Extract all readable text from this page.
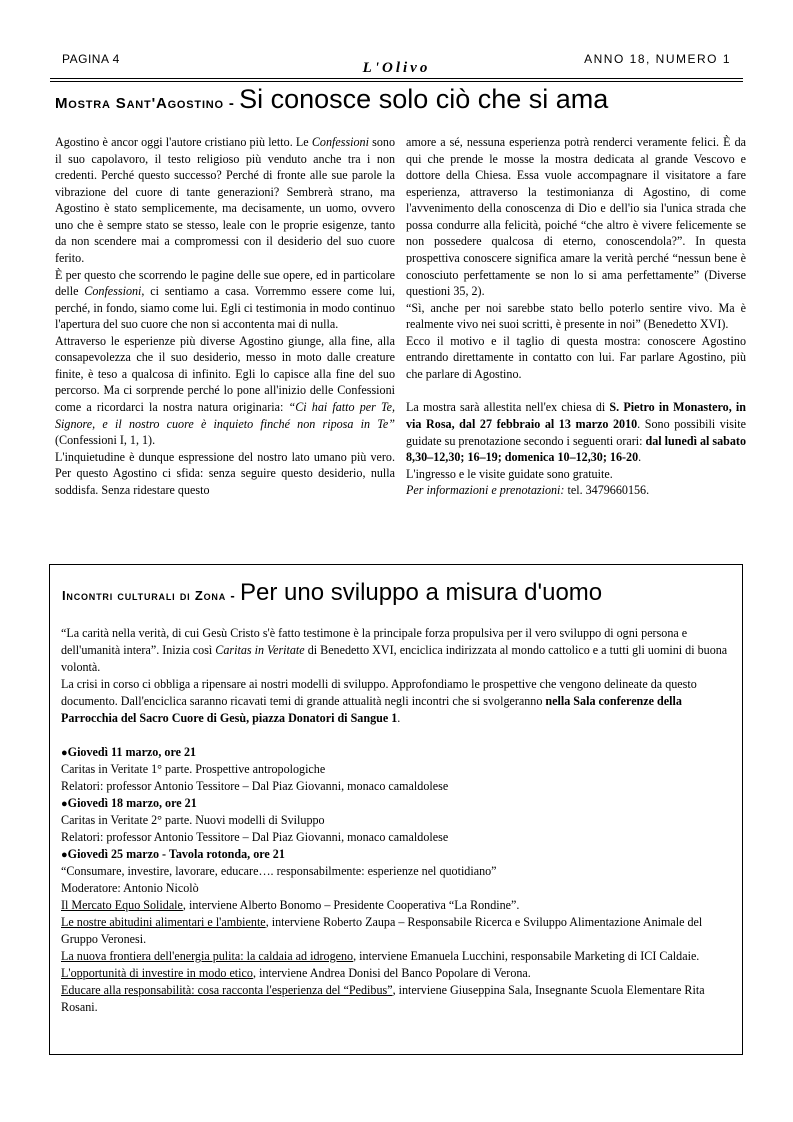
PAGINA 4
L'Olivo
ANNO 18, NUMERO 1
Mostra Sant'Agostino - Si conosce solo ciò che si ama

Agostino è ancor oggi l'autore cristiano più letto. Le Confessioni sono il suo capolavoro, il testo religioso più venduto anche tra i non credenti. Perché questo successo? Perché di fronte alle sue parole la vibrazione del cuore di tante generazioni? Sembrerà strano, ma Agostino è stato semplicemente, ma decisamente, un uomo, ovvero uno che è sempre stato se stesso, leale con le proprie esigenze, tanto da non scendere mai a compromessi con il desiderio del suo cuore ferito.

È per questo che scorrendo le pagine delle sue opere, ed in particolare delle Confessioni, ci sentiamo a casa. Vorremmo essere come lui, perché, in fondo, siamo come lui. Egli ci testimonia in modo continuo l'apertura del suo cuore che non si accontenta mai di nulla.

Attraverso le esperienze più diverse Agostino giunge, alla fine, alla consapevolezza che il suo desiderio, messo in moto dalle creature finite, è teso a qualcosa di infinito. Egli lo capisce alla fine del suo percorso. Ma ci sorprende perché lo pone all'inizio delle Confessioni come a ricordarci la nostra natura originaria: “Ci hai fatto per Te, Signore, e il nostro cuore è inquieto finché non riposa in Te” (Confessioni I, 1, 1).

L'inquietudine è dunque espressione del nostro lato umano più vero. Per questo Agostino ci sfida: senza seguire questo desiderio, nulla soddisfa. Senza ridestare questo

amore a sé, nessuna esperienza potrà renderci veramente felici. È da qui che prende le mosse la mostra dedicata al grande Vescovo e dottore della Chiesa. Essa vuole accompagnare il visitatore a fare esperienza, attraverso la testimonianza di Agostino, di come l'avvenimento della conoscenza di Dio e dell'io sia l'unica strada che possa condurre alla felicità, poiché “che altro è vivere felicemente se non possedere qualcosa di eterno, conoscendola?”. In questa prospettiva conoscere significa amare la verità perché “nessun bene è conosciuto perfettamente se non lo si ama perfettamente” (Diverse questioni 35, 2).

“Sì, anche per noi sarebbe stato bello poterlo sentire vivo. Ma è realmente vivo nei suoi scritti, è presente in noi” (Benedetto XVI).

Ecco il motivo e il taglio di questa mostra: conoscere Agostino entrando direttamente in contatto con lui. Far parlare Agostino, più che parlare di Agostino.

La mostra sarà allestita nell'ex chiesa di S. Pietro in Monastero, in via Rosa, dal 27 febbraio al 13 marzo 2010. Sono possibili visite guidate su prenotazione secondo i seguenti orari: dal lunedì al sabato 8,30–12,30; 16–19; domenica 10–12,30; 16-20.

L'ingresso e le visite guidate sono gratuite.

Per informazioni e prenotazioni: tel. 3479660156.

Incontri culturali di Zona - Per uno sviluppo a misura d'uomo

“La carità nella verità, di cui Gesù Cristo s'è fatto testimone è la principale forza propulsiva per il vero sviluppo di ogni persona e dell'umanità intera”. Inizia così Caritas in Veritate di Benedetto XVI, enciclica indirizzata al mondo cattolico e a tutti gli uomini di buona volontà.

La crisi in corso ci obbliga a ripensare ai nostri modelli di sviluppo. Approfondiamo le prospettive che vengono delineate da questo documento. Dall'enciclica saranno ricavati temi di grande attualità negli incontri che si svolgeranno nella Sala conferenze della Parrocchia del Sacro Cuore di Gesù, piazza Donatori di Sangue 1.

●Giovedì 11 marzo, ore 21

Caritas in Veritate 1° parte. Prospettive antropologiche

Relatori: professor Antonio Tessitore – Dal Piaz Giovanni, monaco camaldolese

●Giovedì 18 marzo, ore 21

Caritas in Veritate 2° parte. Nuovi modelli di Sviluppo

Relatori: professor Antonio Tessitore – Dal Piaz Giovanni, monaco camaldolese

●Giovedì 25 marzo - Tavola rotonda, ore 21

“Consumare, investire, lavorare, educare…. responsabilmente: esperienze nel quotidiano”

Moderatore: Antonio Nicolò

Il Mercato Equo Solidale, interviene Alberto Bonomo – Presidente Cooperativa “La Rondine”.

Le nostre abitudini alimentari e l'ambiente, interviene Roberto Zaupa – Responsabile Ricerca e Sviluppo Alimentazione Animale del Gruppo Veronesi.

La nuova frontiera dell'energia pulita: la caldaia ad idrogeno, interviene Emanuela Lucchini, responsabile Marketing di ICI Caldaie.

L'opportunità di investire in modo etico, interviene Andrea Donisi del Banco Popolare di Verona.

Educare alla responsabilità: cosa racconta l'esperienza del “Pedibus”, interviene Giuseppina Sala, Insegnante Scuola Elementare Rita Rosani.
